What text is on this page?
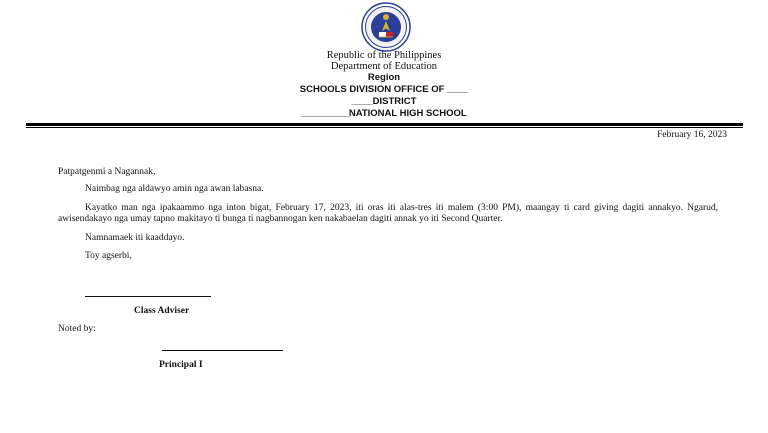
Republic of the Philippines
Department of Education
Region
SCHOOLS DIVISION OFFICE OF ____
____DISTRICT
_________NATIONAL HIGH SCHOOL
February 16, 2023
Patpatgenmi a Nagannak,
Naimbag nga aldawyo amin nga awan labasna.
Kayatko man nga ipakaammo nga inton bigat, February 17, 2023, iti oras iti alas-tres iti malem (3:00 PM), maangay ti card giving dagiti annakyo. Ngarud, awisendakayo nga umay tapno makitayo ti bunga ti nagbannogan ken nakabaelan dagiti annak yo iti Second Quarter.
Namnamaek iti kaaddayo.
Toy agserbi,
Class Adviser
Noted by:
Principal I
